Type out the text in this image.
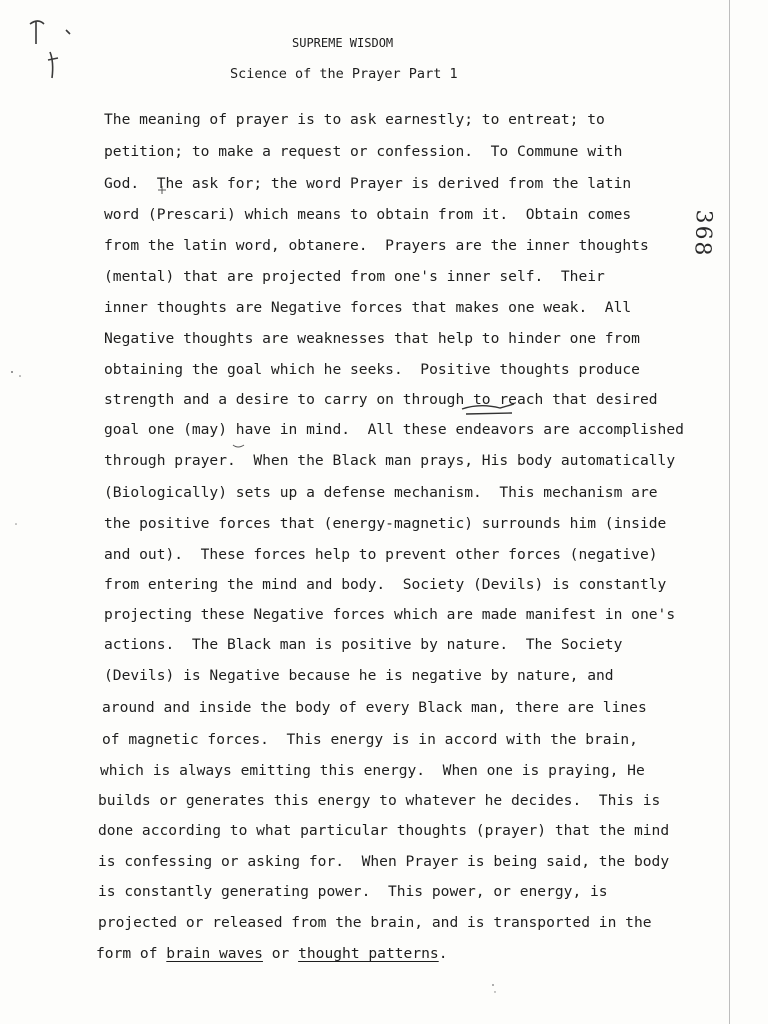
SUPREME WISDOM
Science of the Prayer Part 1

The meaning of prayer is to ask earnestly; to entreat; to

petition; to make a request or confession.  To Commune with

God.  The ask for; the word Prayer is derived from the latin

word (Prescari) which means to obtain from it.  Obtain comes

from the latin word, obtanere.  Prayers are the inner thoughts

(mental) that are projected from one's inner self.  Their

inner thoughts are Negative forces that makes one weak.  All

Negative thoughts are weaknesses that help to hinder one from

obtaining the goal which he seeks.  Positive thoughts produce

strength and a desire to carry on through to reach that desired

goal one (may) have in mind.  All these endeavors are accomplished

through prayer.  When the Black man prays, His body automatically

(Biologically) sets up a defense mechanism.  This mechanism are

the positive forces that (energy-magnetic) surrounds him (inside

and out).  These forces help to prevent other forces (negative)

from entering the mind and body.  Society (Devils) is constantly

projecting these Negative forces which are made manifest in one's

actions.  The Black man is positive by nature.  The Society

(Devils) is Negative because he is negative by nature, and

around and inside the body of every Black man, there are lines

of magnetic forces.  This energy is in accord with the brain,

which is always emitting this energy.  When one is praying, He

builds or generates this energy to whatever he decides.  This is

done according to what particular thoughts (prayer) that the mind

is confessing or asking for.  When Prayer is being said, the body

is constantly generating power.  This power, or energy, is

projected or released from the brain, and is transported in the

form of brain waves or thought patterns.

368
